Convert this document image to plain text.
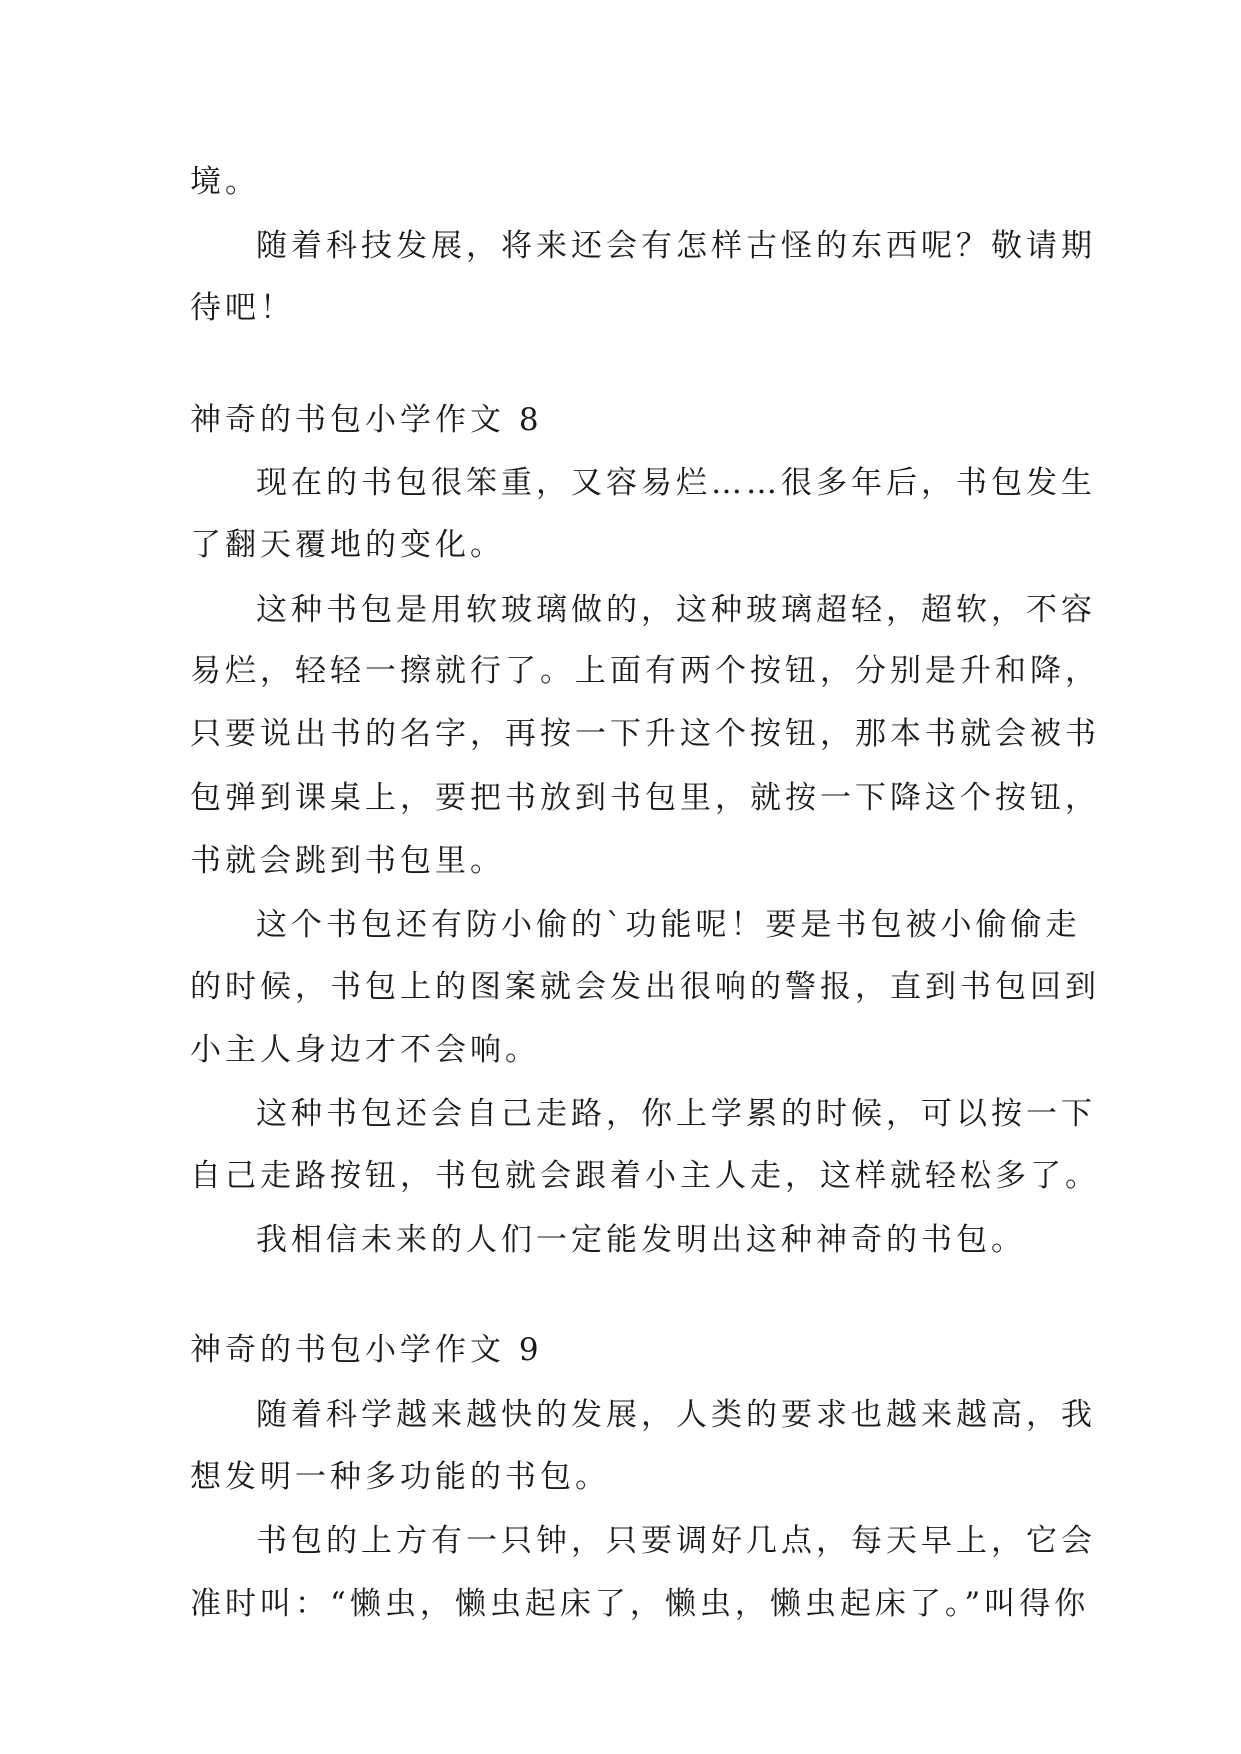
境。
随着科技发展，将来还会有怎样古怪的东西呢？敬请期
待吧！
神奇的书包小学作文 8
现在的书包很笨重，又容易烂……很多年后，书包发生
了翻天覆地的变化。
这种书包是用软玻璃做的，这种玻璃超轻，超软，不容
易烂，轻轻一擦就行了。上面有两个按钮，分别是升和降，
只要说出书的名字，再按一下升这个按钮，那本书就会被书
包弹到课桌上，要把书放到书包里，就按一下降这个按钮，
书就会跳到书包里。
这个书包还有防小偷的`功能呢！要是书包被小偷偷走
的时候，书包上的图案就会发出很响的警报，直到书包回到
小主人身边才不会响。
这种书包还会自己走路，你上学累的时候，可以按一下
自己走路按钮，书包就会跟着小主人走，这样就轻松多了。
我相信未来的人们一定能发明出这种神奇的书包。
神奇的书包小学作文 9
随着科学越来越快的发展，人类的要求也越来越高，我
想发明一种多功能的书包。
书包的上方有一只钟，只要调好几点，每天早上，它会
准时叫：“懒虫，懒虫起床了，懒虫，懒虫起床了。”叫得你
